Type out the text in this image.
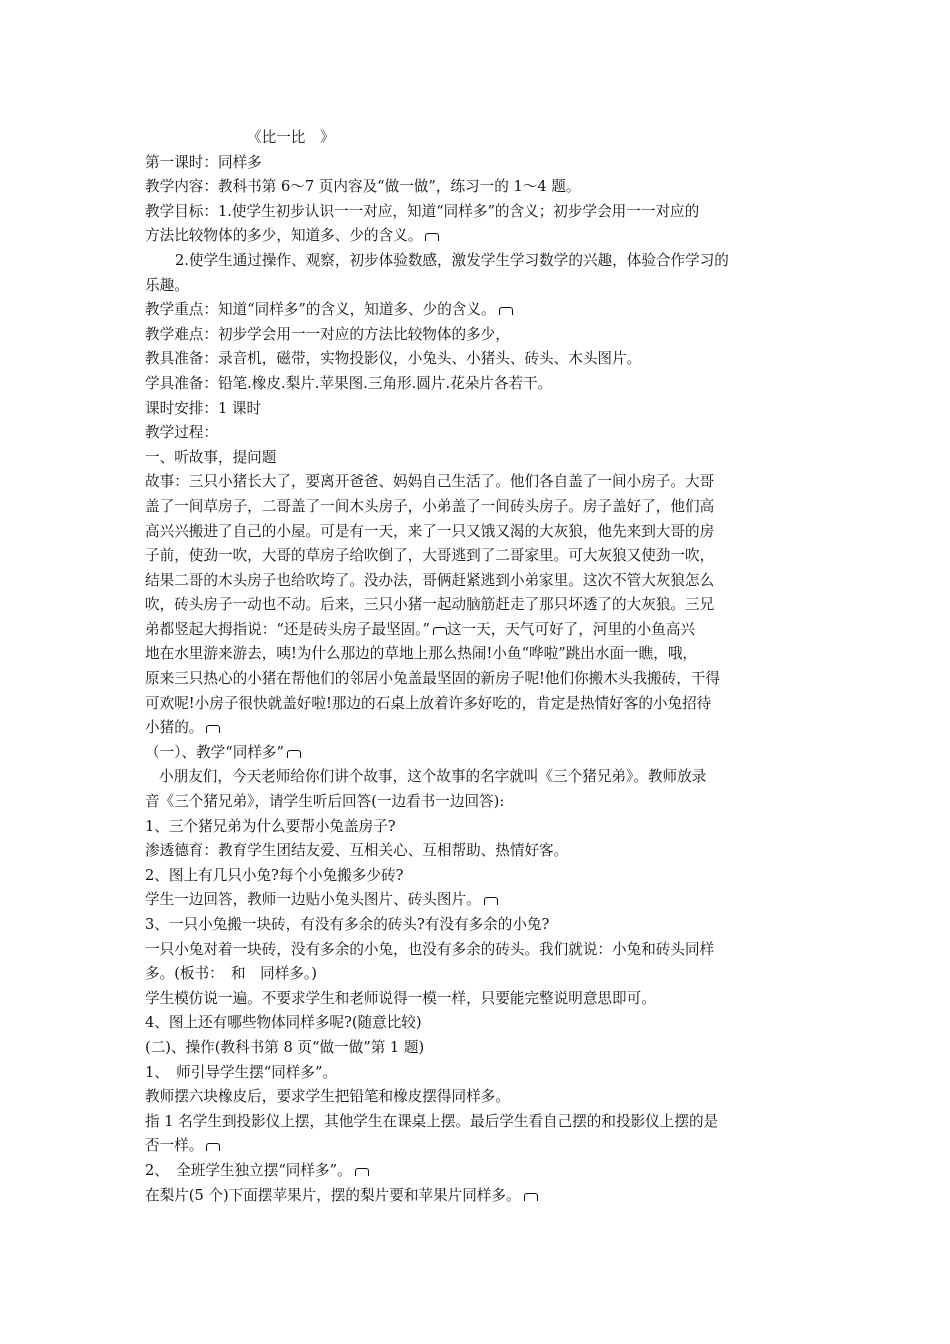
《比一比　》

第一课时：同样多

教学内容：教科书第 6～7 页内容及“做一做”，练习一的 1～4 题。

教学目标：1.使学生初步认识一一对应，知道“同样多”的含义；初步学会用一一对应的

方法比较物体的多少，知道多、少的含义。

2.使学生通过操作、观察，初步体验数感，激发学生学习数学的兴趣，体验合作学习的

乐趣。

教学重点：知道“同样多”的含义，知道多、少的含义。

教学难点：初步学会用一一对应的方法比较物体的多少，

教具准备：录音机，磁带，实物投影仪，小兔头、小猪头、砖头、木头图片。

学具准备：铅笔.橡皮.梨片.苹果图.三角形.圆片.花朵片各若干。

课时安排：1 课时

教学过程：

一、听故事，提问题

故事：三只小猪长大了，要离开爸爸、妈妈自己生活了。他们各自盖了一间小房子。大哥

盖了一间草房子，二哥盖了一间木头房子，小弟盖了一间砖头房子。房子盖好了，他们高

高兴兴搬进了自己的小屋。可是有一天，来了一只又饿又渴的大灰狼，他先来到大哥的房

子前，使劲一吹，大哥的草房子给吹倒了，大哥逃到了二哥家里。可大灰狼又使劲一吹，

结果二哥的木头房子也给吹垮了。没办法，哥俩赶紧逃到小弟家里。这次不管大灰狼怎么

吹，砖头房子一动也不动。后来，三只小猪一起动脑筋赶走了那只坏透了的大灰狼。三兄

弟都竖起大拇指说：“还是砖头房子最坚固。” 这一天，天气可好了，河里的小鱼高兴

地在水里游来游去，咦!为什么那边的草地上那么热闹!小鱼“哗啦”跳出水面一瞧，哦，

原来三只热心的小猪在帮他们的邻居小兔盖最坚固的新房子呢!他们你搬木头我搬砖，干得

可欢呢!小房子很快就盖好啦!那边的石桌上放着许多好吃的，肯定是热情好客的小兔招待

小猪的。

（一）、教学“同样多”

小朋友们，今天老师给你们讲个故事，这个故事的名字就叫《三个猪兄弟》。教师放录

音《三个猪兄弟》，请学生听后回答(一边看书一边回答):

1、三个猪兄弟为什么要帮小兔盖房子?

渗透德育：教育学生团结友爱、互相关心、互相帮助、热情好客。

2、图上有几只小兔?每个小兔搬多少砖?

学生一边回答，教师一边贴小兔头图片、砖头图片。

3、一只小兔搬一块砖，有没有多余的砖头?有没有多余的小兔?

一只小兔对着一块砖，没有多余的小兔，也没有多余的砖头。我们就说：小兔和砖头同样

多。(板书：　和　同样多。)

学生模仿说一遍。不要求学生和老师说得一模一样，只要能完整说明意思即可。

4、图上还有哪些物体同样多呢?(随意比较)

(二)、操作(教科书第 8 页“做一做”第 1 题)

1、　师引导学生摆“同样多”。

教师摆六块橡皮后，要求学生把铅笔和橡皮摆得同样多。

指 1 名学生到投影仪上摆，其他学生在课桌上摆。最后学生看自己摆的和投影仪上摆的是

否一样。

2、　全班学生独立摆“同样多”。

在梨片(5 个)下面摆苹果片，摆的梨片要和苹果片同样多。
